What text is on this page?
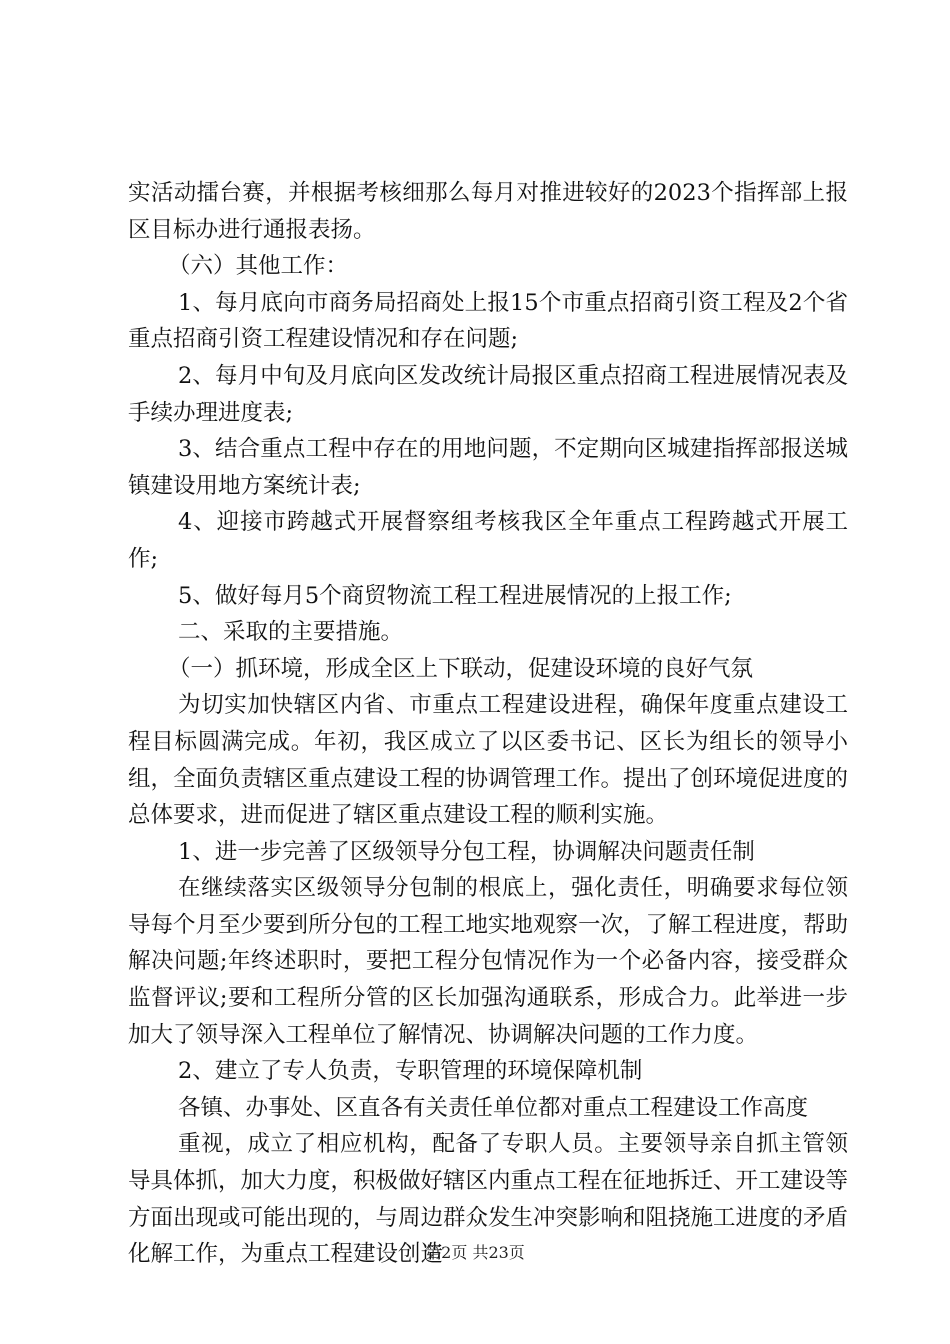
实活动擂台赛，并根据考核细那么每月对推进较好的2023个指挥部上报区目标办进行通报表扬。

（六）其他工作：

1、每月底向市商务局招商处上报15个市重点招商引资工程及2个省重点招商引资工程建设情况和存在问题;

2、每月中旬及月底向区发改统计局报区重点招商工程进展情况表及手续办理进度表;

3、结合重点工程中存在的用地问题，不定期向区城建指挥部报送城镇建设用地方案统计表;

4、迎接市跨越式开展督察组考核我区全年重点工程跨越式开展工作;

5、做好每月5个商贸物流工程工程进展情况的上报工作;

二、采取的主要措施。

（一）抓环境，形成全区上下联动，促建设环境的良好气氛

为切实加快辖区内省、市重点工程建设进程，确保年度重点建设工程目标圆满完成。年初，我区成立了以区委书记、区长为组长的领导小组，全面负责辖区重点建设工程的协调管理工作。提出了创环境促进度的总体要求，进而促进了辖区重点建设工程的顺利实施。

1、进一步完善了区级领导分包工程，协调解决问题责任制

在继续落实区级领导分包制的根底上，强化责任，明确要求每位领导每个月至少要到所分包的工程工地实地观察一次，了解工程进度，帮助解决问题;年终述职时，要把工程分包情况作为一个必备内容，接受群众监督评议;要和工程所分管的区长加强沟通联系，形成合力。此举进一步加大了领导深入工程单位了解情况、协调解决问题的工作力度。

2、建立了专人负责，专职管理的环境保障机制

各镇、办事处、区直各有关责任单位都对重点工程建设工作高度

重视，成立了相应机构，配备了专职人员。主要领导亲自抓主管领导具体抓，加大力度，积极做好辖区内重点工程在征地拆迁、开工建设等方面出现或可能出现的，与周边群众发生冲突影响和阻挠施工进度的矛盾化解工作，为重点工程建设创造

第2页 共23页
